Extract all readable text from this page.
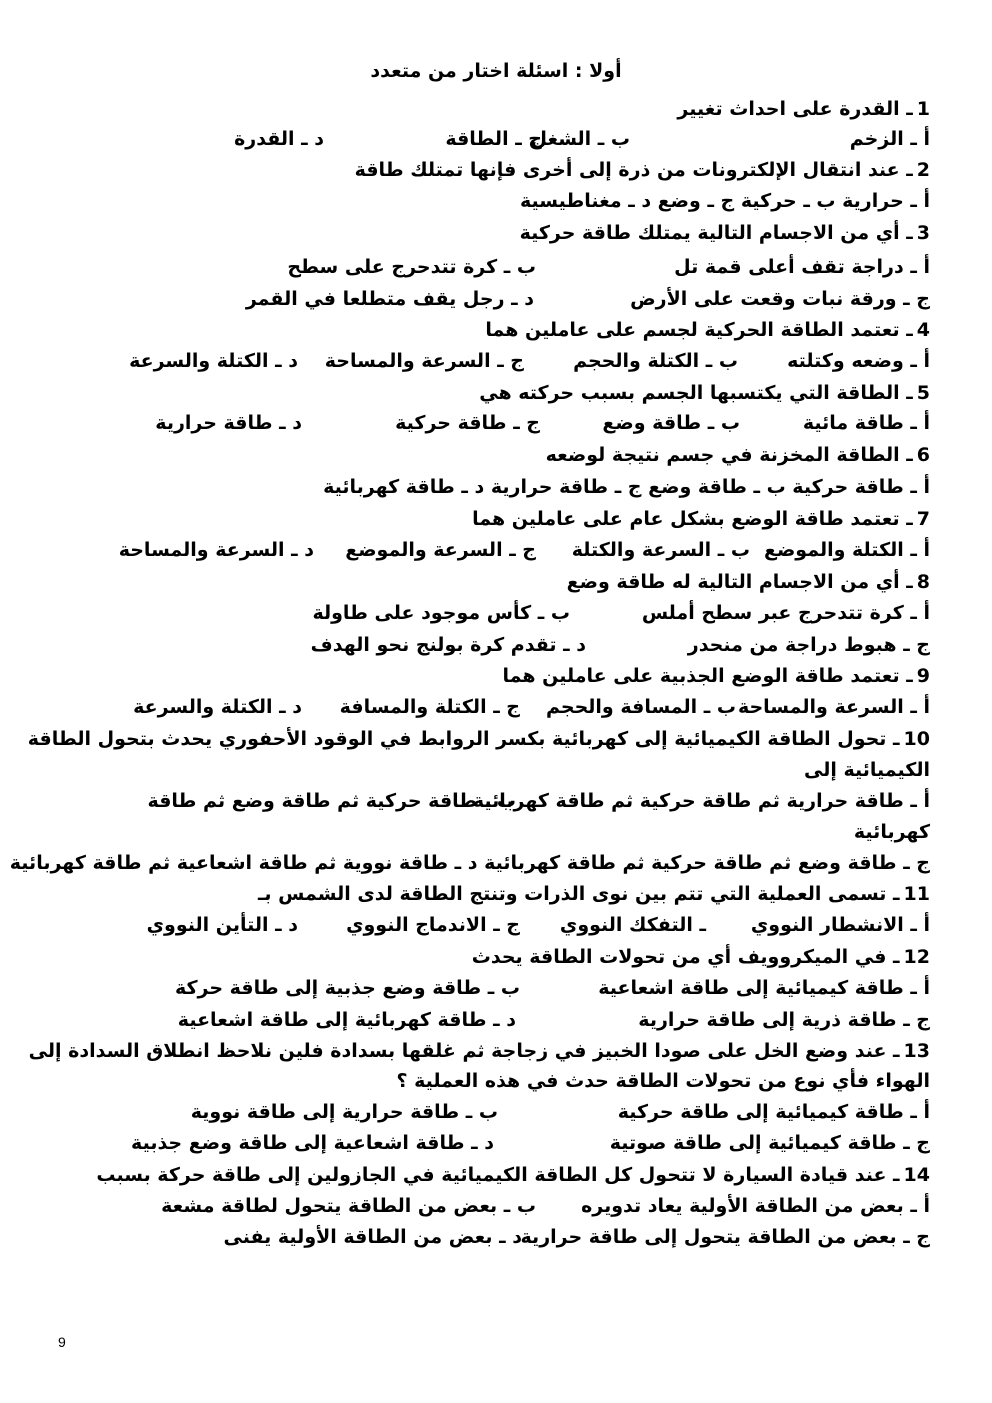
أولا : اسئلة اختار من متعدد
1ـ القدرة على احداث تغيير
أ ـ الزخم
ب ـ الشغل
ج ـ الطاقة
د ـ القدرة
2ـ عند انتقال الإلكترونات من ذرة إلى أخرى فإنها تمتلك طاقة
أ ـ حرارية ب ـ حركية ج ـ وضع د ـ مغناطيسية
3ـ أي من الاجسام التالية يمتلك طاقة حركية
أ ـ دراجة تقف أعلى قمة تل
ب ـ كرة تتدحرج على سطح
ج ـ ورقة نبات وقعت على الأرض
د ـ رجل يقف متطلعا في القمر
4ـ تعتمد الطاقة الحركية لجسم على عاملين هما
أ ـ وضعه وكتلته
ب ـ الكتلة والحجم
ج ـ السرعة والمساحة
د ـ الكتلة والسرعة
5ـ الطاقة التي يكتسبها الجسم بسبب حركته هي
أ ـ طاقة مائية
ب ـ طاقة وضع
ج ـ طاقة حركية
د ـ طاقة حرارية
6ـ الطاقة المخزنة في جسم نتيجة لوضعه
أ ـ طاقة حركية ب ـ طاقة وضع ج ـ طاقة حرارية د ـ طاقة كهربائية
7ـ تعتمد طاقة الوضع بشكل عام على عاملين هما
أ ـ الكتلة والموضع
ب ـ السرعة والكتلة
ج ـ السرعة والموضع
د ـ السرعة والمساحة
8ـ أي من الاجسام التالية له طاقة وضع
أ ـ كرة تتدحرج عبر سطح أملس
ب ـ كأس موجود على طاولة
ج ـ هبوط دراجة من منحدر
د ـ تقدم كرة بولنج نحو الهدف
9ـ تعتمد طاقة الوضع الجذبية على عاملين هما
أ ـ السرعة والمساحة
ب ـ المسافة والحجم
ج ـ الكتلة والمسافة
د ـ الكتلة والسرعة
10ـ تحول الطاقة الكيميائية إلى كهربائية بكسر الروابط في الوقود الأحفوري يحدث بتحول الطاقة
الكيميائية إلى
أ ـ طاقة حرارية ثم طاقة حركية ثم طاقة كهربائية
ب ـ طاقة حركية ثم طاقة وضع ثم طاقة
كهربائية
ج ـ طاقة وضع ثم طاقة حركية ثم طاقة كهربائية د ـ طاقة نووية ثم طاقة اشعاعية ثم طاقة كهربائية
11ـ تسمى العملية التي تتم بين نوى الذرات وتنتج الطاقة لدى الشمس بـ
أ ـ الانشطار النووي
ـ التفكك النووي
ج ـ الاندماج النووي
د ـ التأين النووي
12ـ في الميكروويف أي من تحولات الطاقة يحدث
أ ـ طاقة كيميائية إلى طاقة اشعاعية
ب ـ طاقة وضع جذبية إلى طاقة حركة
ج ـ طاقة ذرية إلى طاقة حرارية
د ـ طاقة كهربائية إلى طاقة اشعاعية
13ـ عند وضع الخل على صودا الخبيز في زجاجة ثم غلقها بسدادة فلين نلاحظ انطلاق السدادة إلى
الهواء فأي نوع من تحولات الطاقة حدث في هذه العملية ؟
أ ـ طاقة كيميائية إلى طاقة حركية
ب ـ طاقة حرارية إلى طاقة نووية
ج ـ طاقة كيميائية إلى طاقة صوتية
د ـ طاقة اشعاعية إلى طاقة وضع جذبية
14ـ عند قيادة السيارة لا تتحول كل الطاقة الكيميائية في الجازولين إلى طاقة حركة بسبب
أ ـ بعض من الطاقة الأولية يعاد تدويره
ب ـ بعض من الطاقة يتحول لطاقة مشعة
ج ـ بعض من الطاقة يتحول إلى طاقة حرارية
د ـ بعض من الطاقة الأولية يفنى
9
